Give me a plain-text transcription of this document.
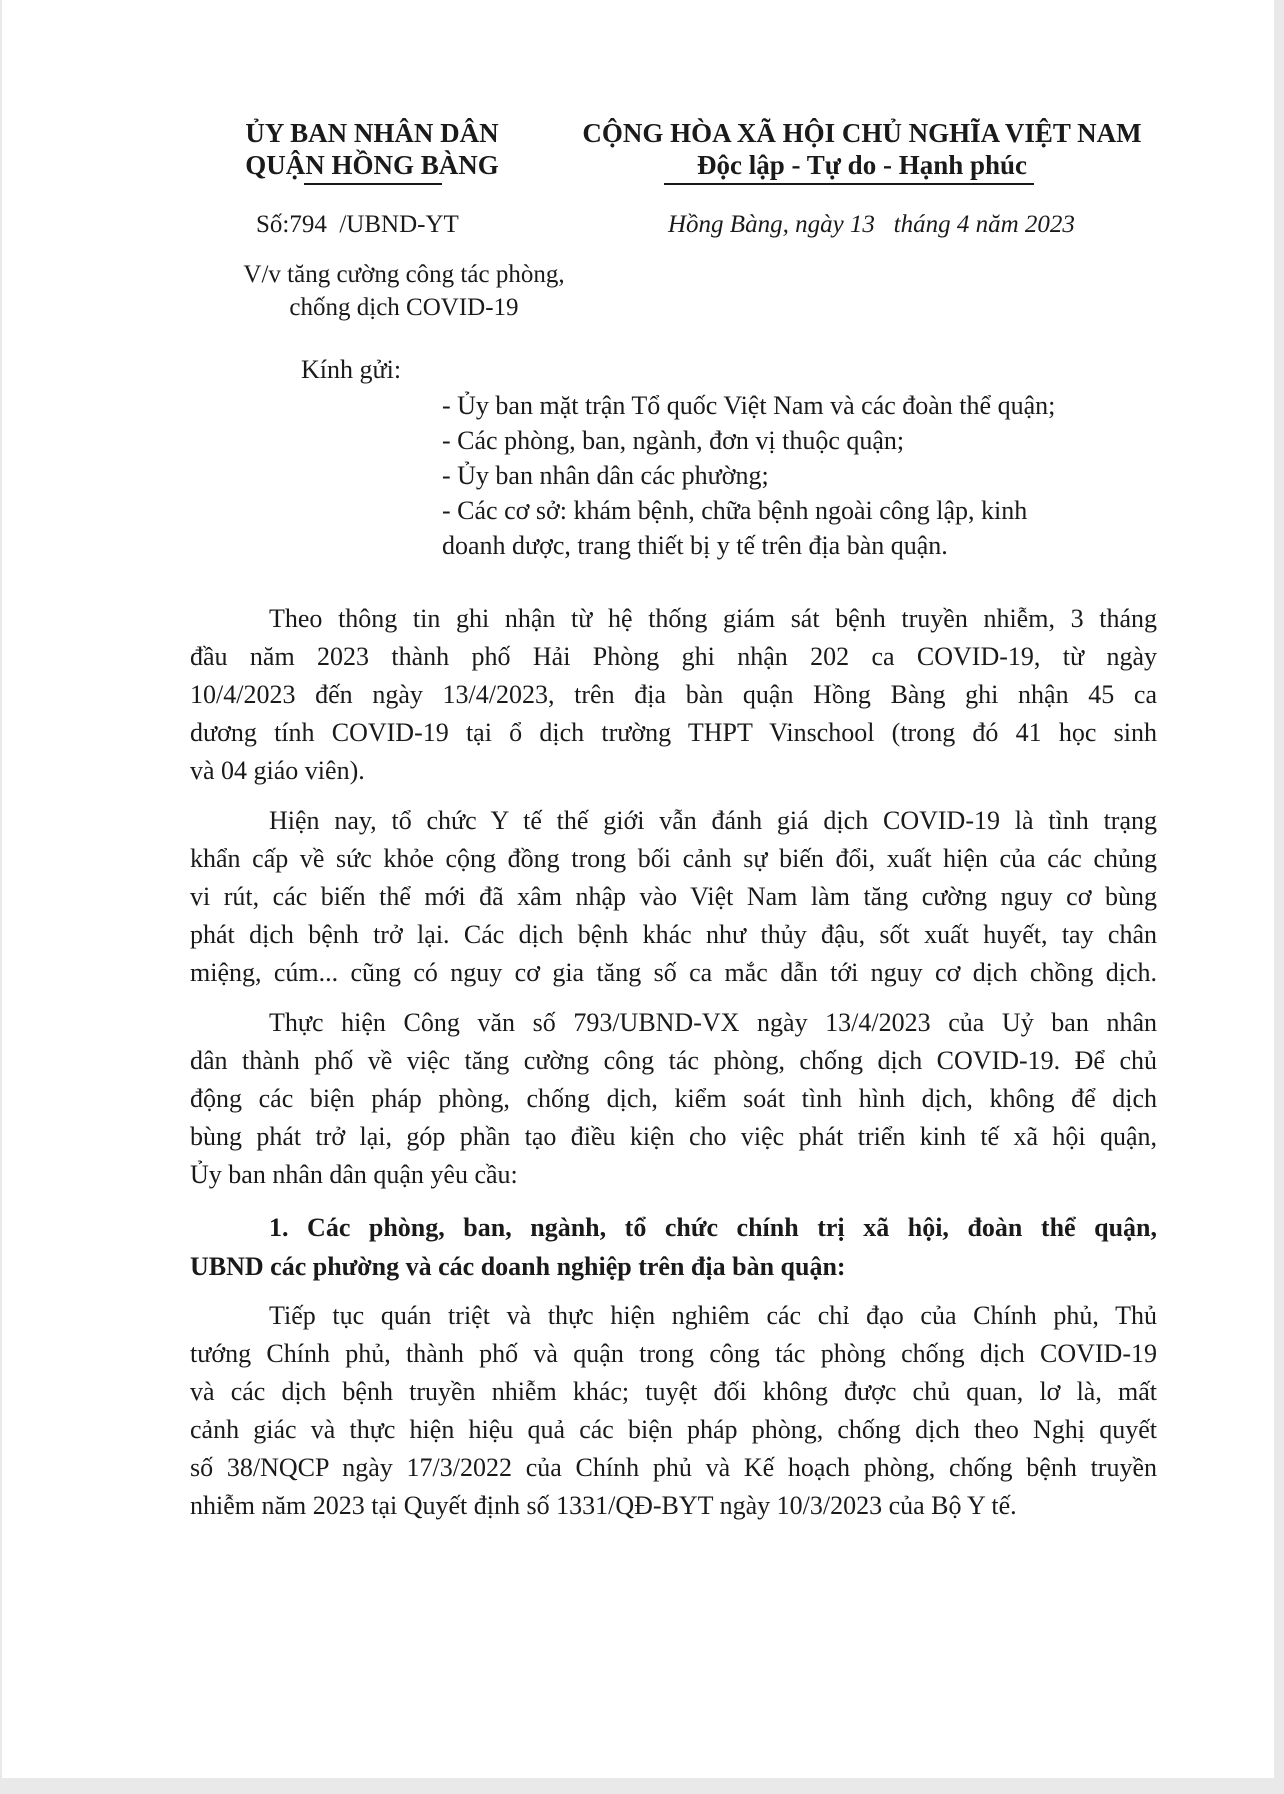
ỦY BAN NHÂN DÂN
QUẬN HỒNG BÀNG
CỘNG HÒA XÃ HỘI CHỦ NGHĨA VIỆT NAM
Độc lập - Tự do - Hạnh phúc
Số:794 /UBND-YT	Hồng Bàng, ngày 13 tháng 4 năm 2023
V/v tăng cường công tác phòng,
chống dịch COVID-19
Kính gửi:
- Ủy ban mặt trận Tổ quốc Việt Nam và các đoàn thể quận;
- Các phòng, ban, ngành, đơn vị thuộc quận;
- Ủy ban nhân dân các phường;
- Các cơ sở: khám bệnh, chữa bệnh ngoài công lập, kinh
doanh dược, trang thiết bị y tế trên địa bàn quận.
Theo thông tin ghi nhận từ hệ thống giám sát bệnh truyền nhiễm, 3 tháng
đầu năm 2023 thành phố Hải Phòng ghi nhận 202 ca COVID-19, từ ngày
10/4/2023 đến ngày 13/4/2023, trên địa bàn quận Hồng Bàng ghi nhận 45 ca
dương tính COVID-19 tại ổ dịch trường THPT Vinschool (trong đó 41 học sinh
và 04 giáo viên).
Hiện nay, tổ chức Y tế thế giới vẫn đánh giá dịch COVID-19 là tình trạng
khẩn cấp về sức khỏe cộng đồng trong bối cảnh sự biến đổi, xuất hiện của các chủng
vi rút, các biến thể mới đã xâm nhập vào Việt Nam làm tăng cường nguy cơ bùng
phát dịch bệnh trở lại. Các dịch bệnh khác như thủy đậu, sốt xuất huyết, tay chân
miệng, cúm... cũng có nguy cơ gia tăng số ca mắc dẫn tới nguy cơ dịch chồng dịch.
Thực hiện Công văn số 793/UBND-VX ngày 13/4/2023 của Uỷ ban nhân
dân thành phố về việc tăng cường công tác phòng, chống dịch COVID-19. Để chủ
động các biện pháp phòng, chống dịch, kiểm soát tình hình dịch, không để dịch
bùng phát trở lại, góp phần tạo điều kiện cho việc phát triển kinh tế xã hội quận,
Ủy ban nhân dân quận yêu cầu:
1. Các phòng, ban, ngành, tổ chức chính trị xã hội, đoàn thể quận,
UBND các phường và các doanh nghiệp trên địa bàn quận:
Tiếp tục quán triệt và thực hiện nghiêm các chỉ đạo của Chính phủ, Thủ
tướng Chính phủ, thành phố và quận trong công tác phòng chống dịch COVID-19
và các dịch bệnh truyền nhiễm khác; tuyệt đối không được chủ quan, lơ là, mất
cảnh giác và thực hiện hiệu quả các biện pháp phòng, chống dịch theo Nghị quyết
số 38/NQCP ngày 17/3/2022 của Chính phủ và Kế hoạch phòng, chống bệnh truyền
nhiễm năm 2023 tại Quyết định số 1331/QĐ-BYT ngày 10/3/2023 của Bộ Y tế.
